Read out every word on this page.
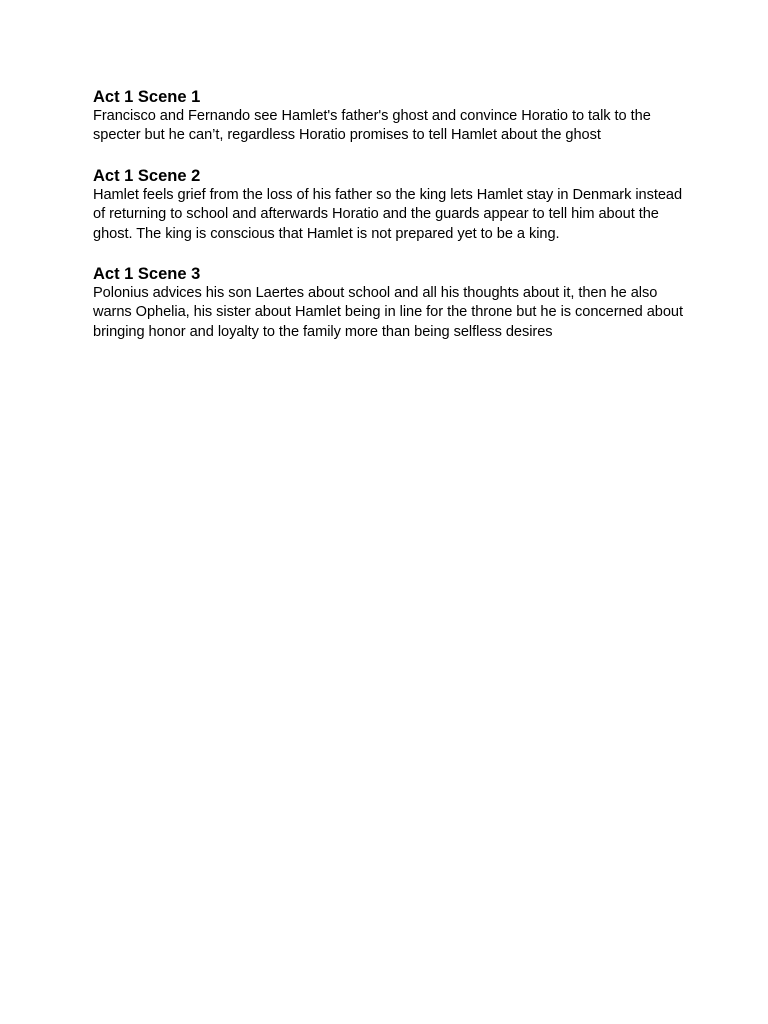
Act 1 Scene 1

Francisco and Fernando see Hamlet's father's ghost and convince Horatio to talk to the specter but he can’t, regardless Horatio promises to tell Hamlet about the ghost

Act 1 Scene 2

Hamlet feels grief from the loss of his father so the king lets Hamlet stay in Denmark instead of returning to school and afterwards Horatio and the guards appear to tell him about the ghost. The king is conscious that Hamlet is not prepared yet to be a king.

Act 1 Scene 3

Polonius advices his son Laertes about school and all his thoughts about it, then he also warns Ophelia, his sister about Hamlet being in line for the throne but he is concerned about bringing honor and loyalty to the family more than being selfless desires
